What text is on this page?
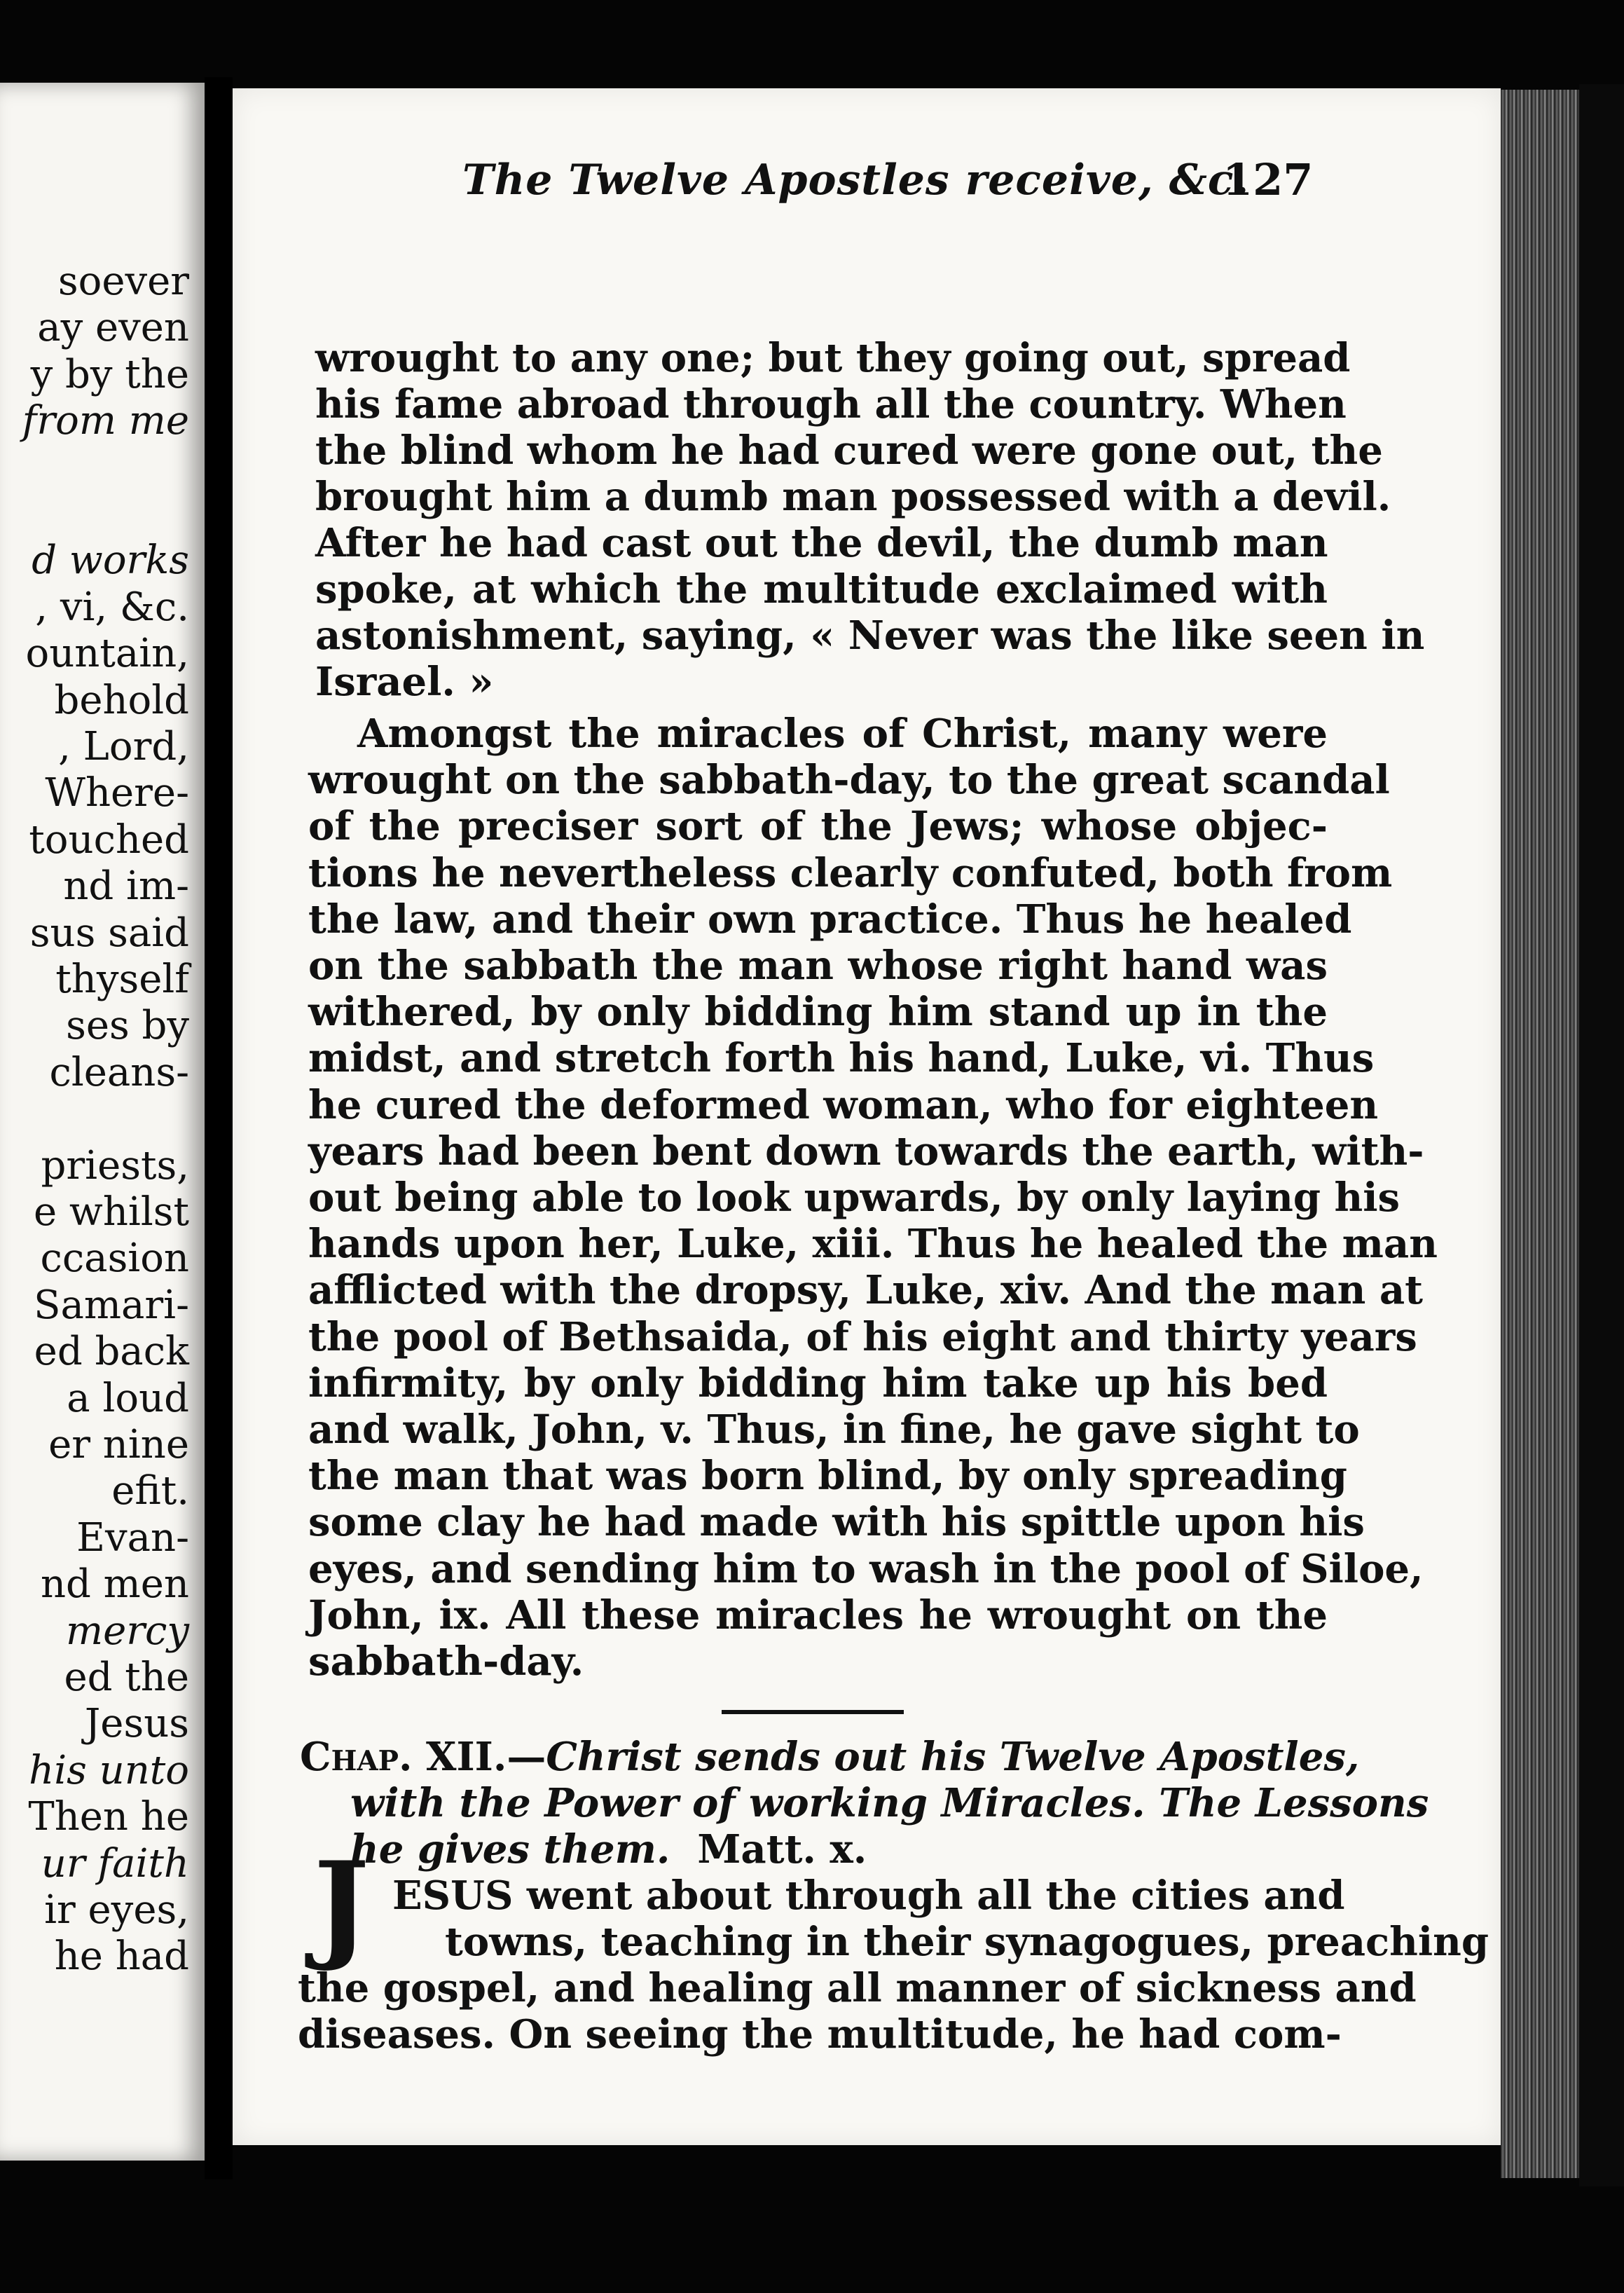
soever
ay even
y by the
from me
d works
, vi, &c.
ountain,
behold
, Lord,
Where-
touched
nd im-
sus said
thyself
ses by
cleans-
priests,
e whilst
ccasion
Samari-
ed back
a loud
er nine
efit.
Evan-
nd men
mercy
ed the
Jesus
his unto
Then he
ur faith
ir eyes,
he had
The Twelve Apostles receive, &c.
127
wrought to any one; but they going out, spread
his fame abroad through all the country. When
the blind whom he had cured were gone out, the
brought him a dumb man possessed with a devil.
After he had cast out the devil, the dumb man
spoke, at which the multitude exclaimed with
astonishment, saying, « Never was the like seen in
Israel. »
Amongst the miracles of Christ, many were
wrought on the sabbath-day, to the great scandal
of the preciser sort of the Jews; whose objec-
tions he nevertheless clearly confuted, both from
the law, and their own practice. Thus he healed
on the sabbath the man whose right hand was
withered, by only bidding him stand up in the
midst, and stretch forth his hand, Luke, vi. Thus
he cured the deformed woman, who for eighteen
years had been bent down towards the earth, with-
out being able to look upwards, by only laying his
hands upon her, Luke, xiii. Thus he healed the man
afflicted with the dropsy, Luke, xiv. And the man at
the pool of Bethsaida, of his eight and thirty years
infirmity, by only bidding him take up his bed
and walk, John, v. Thus, in fine, he gave sight to
the man that was born blind, by only spreading
some clay he had made with his spittle upon his
eyes, and sending him to wash in the pool of Siloe,
John, ix. All these miracles he wrought on the
sabbath-day.
Chap. XII.—Christ sends out his Twelve Apostles,
with the Power of working Miracles. The Lessons
he gives them. Matt. x.
J ESUS went about through all the cities and
towns, teaching in their synagogues, preaching
the gospel, and healing all manner of sickness and
diseases. On seeing the multitude, he had com-
